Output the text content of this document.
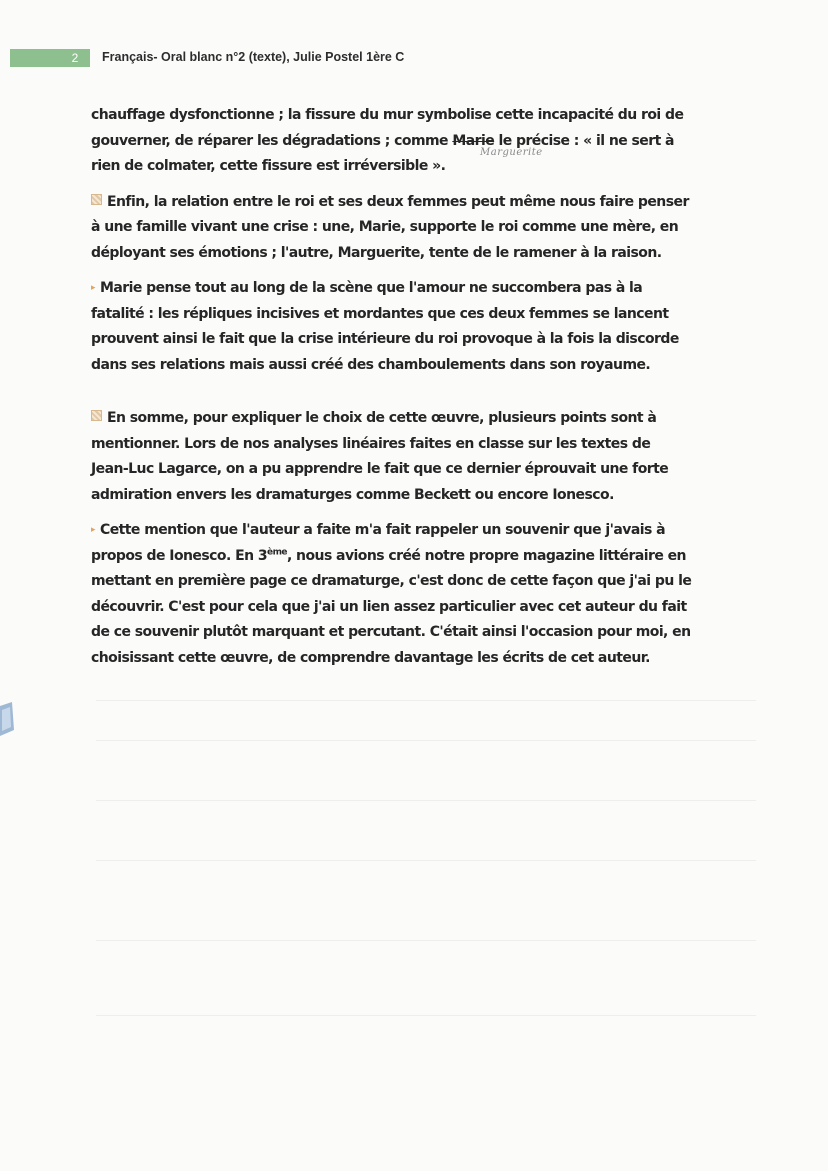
2	Français- Oral blanc n°2 (texte), Julie Postel 1ère C
Marguerite

chauffage dysfonctionne ; la fissure du mur symbolise cette incapacité du roi de
gouverner, de réparer les dégradations ; comme Marie le précise : « il ne sert à
rien de colmater, cette fissure est irréversible ».

Enfin, la relation entre le roi et ses deux femmes peut même nous faire penser
à une famille vivant une crise : une, Marie, supporte le roi comme une mère, en
déployant ses émotions ; l'autre, Marguerite, tente de le ramener à la raison.

▸ Marie pense tout au long de la scène que l'amour ne succombera pas à la
fatalité : les répliques incisives et mordantes que ces deux femmes se lancent
prouvent ainsi le fait que la crise intérieure du roi provoque à la fois la discorde
dans ses relations mais aussi créé des chamboulements dans son royaume.

En somme, pour expliquer le choix de cette œuvre, plusieurs points sont à
mentionner. Lors de nos analyses linéaires faites en classe sur les textes de
Jean-Luc Lagarce, on a pu apprendre le fait que ce dernier éprouvait une forte
admiration envers les dramaturges comme Beckett ou encore Ionesco.

▸ Cette mention que l'auteur a faite m'a fait rappeler un souvenir que j'avais à
propos de Ionesco. En 3ème, nous avions créé notre propre magazine littéraire en
mettant en première page ce dramaturge, c'est donc de cette façon que j'ai pu le
découvrir. C'est pour cela que j'ai un lien assez particulier avec cet auteur du fait
de ce souvenir plutôt marquant et percutant. C'était ainsi l'occasion pour moi, en
choisissant cette œuvre, de comprendre davantage les écrits de cet auteur.
